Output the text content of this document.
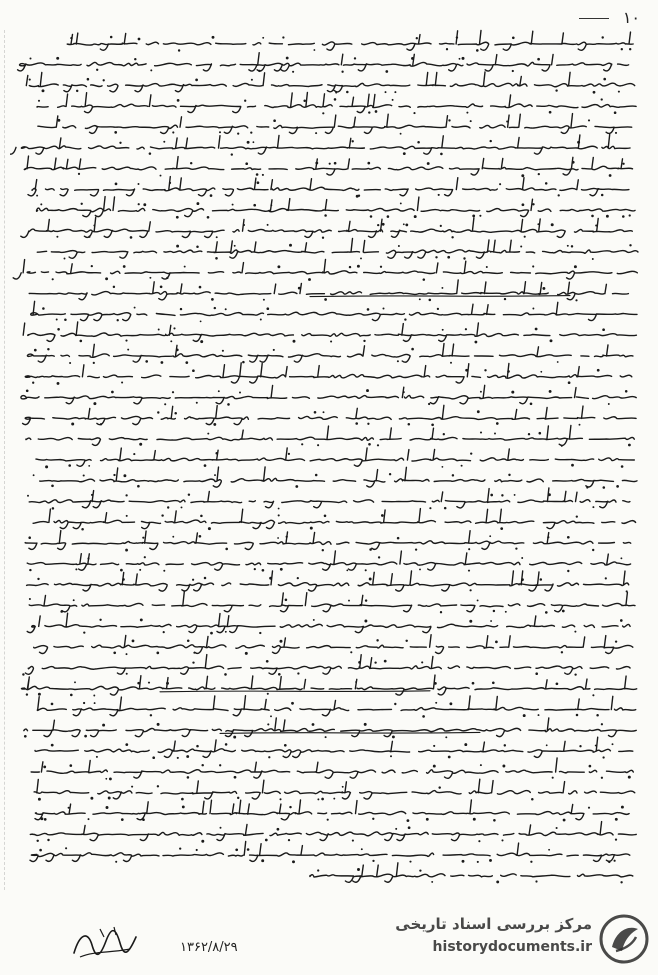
۱۰
۱۳۶۲/۸/۲۹
مرکز بررسی اسناد تاریخی
historydocuments.ir
